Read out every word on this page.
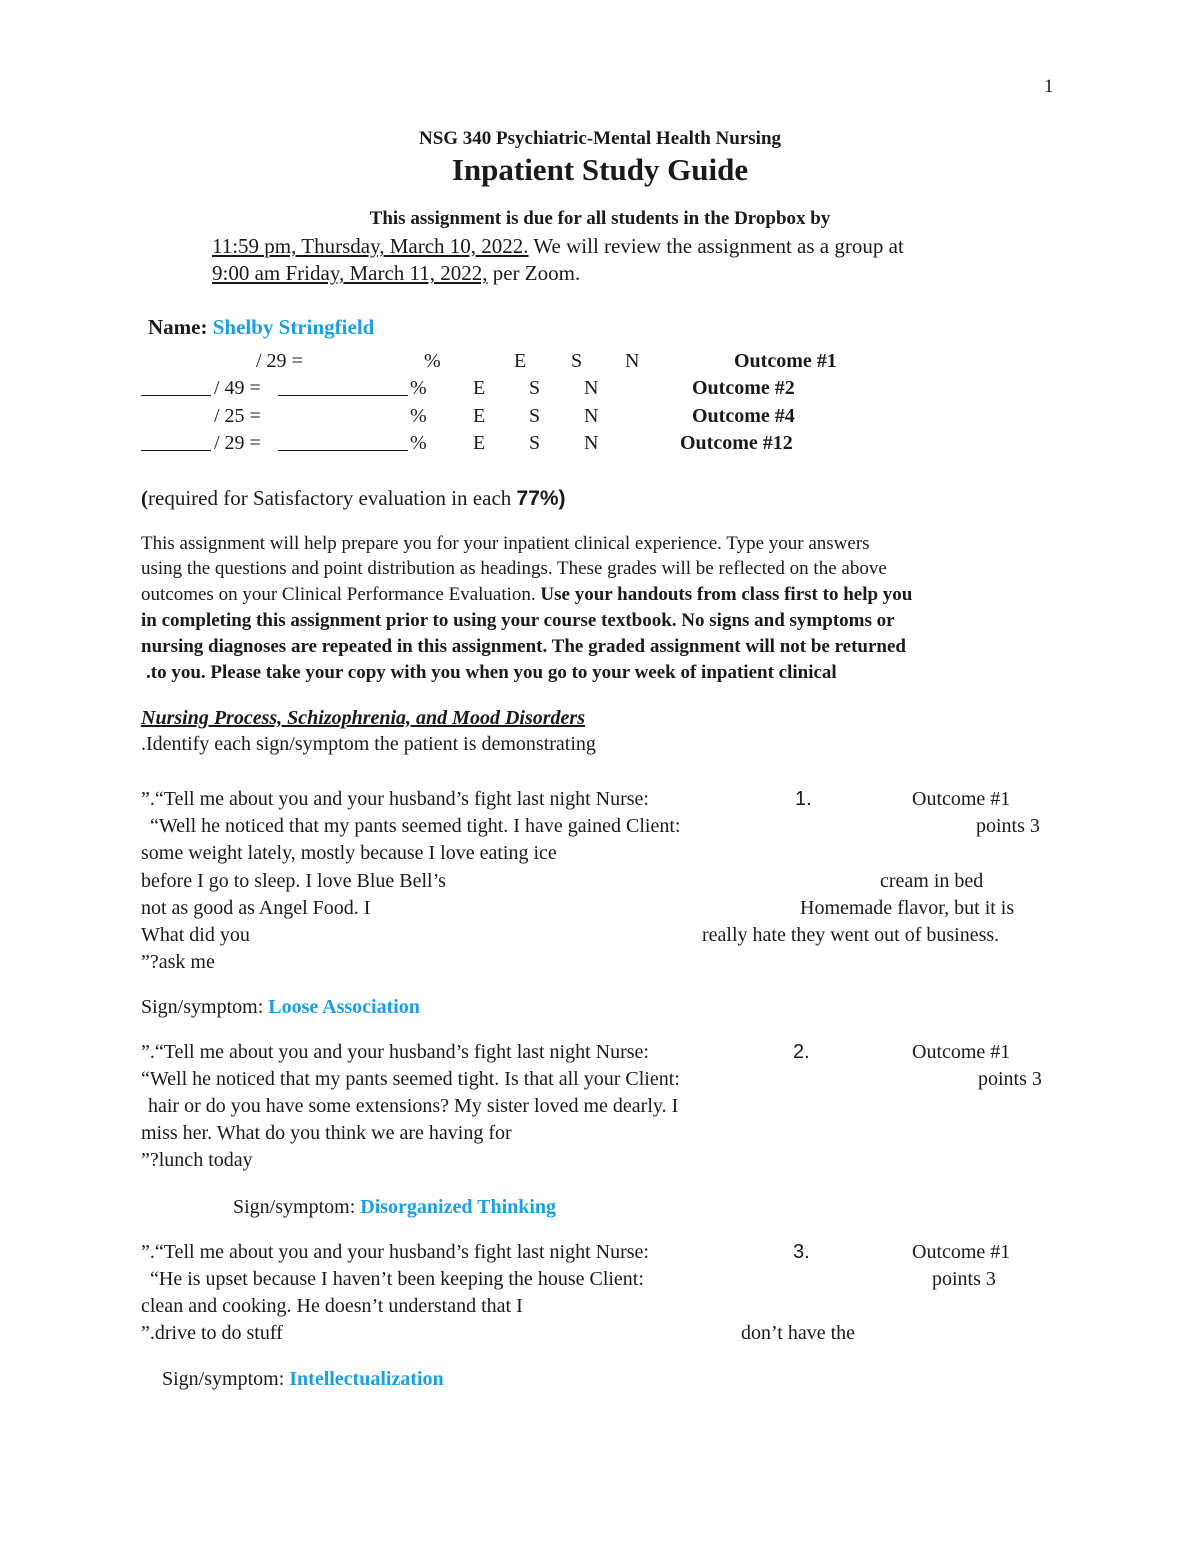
1
NSG 340 Psychiatric-Mental Health Nursing
Inpatient Study Guide
This assignment is due for all students in the Dropbox by
11:59 pm, Thursday, March 10, 2022. We will review the assignment as a group at
9:00 am Friday, March 11, 2022, per Zoom.
Name: Shelby Stringfield
/ 29 =	%	E S N	Outcome #1
/ 49 =	% E S N	Outcome #2
/ 25 =	% E S N	Outcome #4
/ 29 =	% E S N	Outcome #12
(required for Satisfactory evaluation in each 77%)
This assignment will help prepare you for your inpatient clinical experience. Type your answers
using the questions and point distribution as headings. These grades will be reflected on the above
outcomes on your Clinical Performance Evaluation. Use your handouts from class first to help you
in completing this assignment prior to using your course textbook. No signs and symptoms or
nursing diagnoses are repeated in this assignment. The graded assignment will not be returned
.to you. Please take your copy with you when you go to your week of inpatient clinical
Nursing Process, Schizophrenia, and Mood Disorders
.Identify each sign/symptom the patient is demonstrating
”.“Tell me about you and your husband’s fight last night Nurse:	1.	Outcome #1
“Well he noticed that my pants seemed tight. I have gained Client:	points 3
some weight lately, mostly because I love eating ice
before I go to sleep. I love Blue Bell’s	cream in bed
not as good as Angel Food. I	Homemade flavor, but it is
What did you	really hate they went out of business.
”?ask me
Sign/symptom: Loose Association
”.“Tell me about you and your husband’s fight last night Nurse:	2.	Outcome #1
“Well he noticed that my pants seemed tight. Is that all your Client:	points 3
hair or do you have some extensions? My sister loved me dearly. I
miss her. What do you think we are having for
”?lunch today
Sign/symptom: Disorganized Thinking
”.“Tell me about you and your husband’s fight last night Nurse:	3.	Outcome #1
“He is upset because I haven’t been keeping the house Client:	points 3
clean and cooking. He doesn’t understand that I
”.drive to do stuff	don’t have the
Sign/symptom: Intellectualization
